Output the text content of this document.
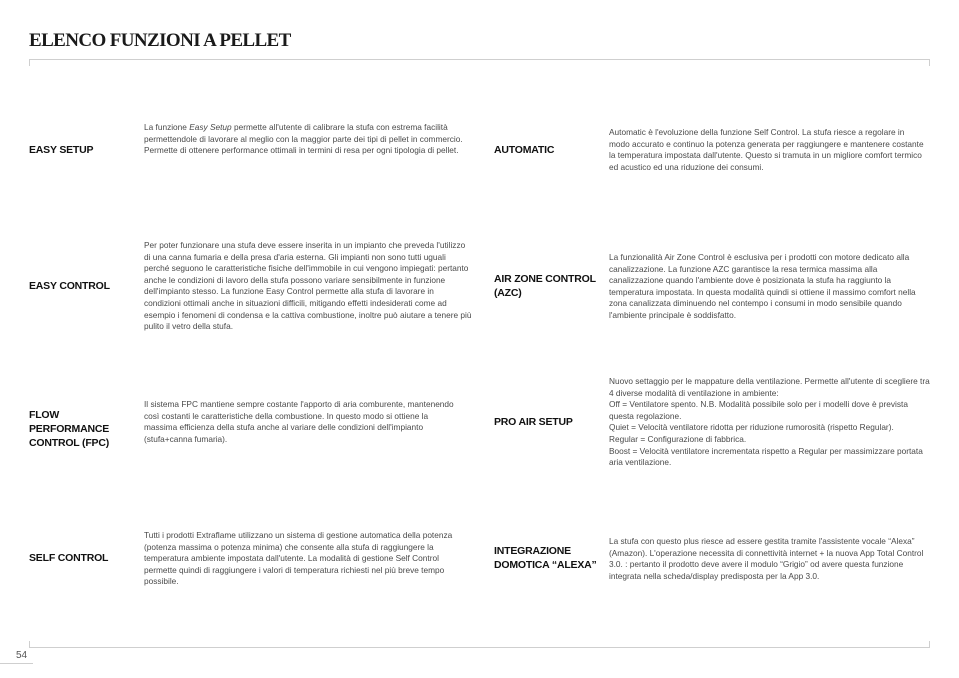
ELENCO FUNZIONI A PELLET
EASY SETUP

La funzione Easy Setup permette all'utente di calibrare la stufa con estrema facilità permettendole di lavorare al meglio con la maggior parte dei tipi di pellet in commercio.

Permette di ottenere performance ottimali in termini di resa per ogni tipologia di pellet.	AUTOMATIC

Automatic è l'evoluzione della funzione Self Control. La stufa riesce a regolare in modo accurato e continuo la potenza generata per raggiungere e mantenere costante la temperatura impostata dall'utente. Questo si tramuta in un migliore comfort termico ed acustico ed una riduzione dei consumi.

EASY CONTROL

Per poter funzionare una stufa deve essere inserita in un impianto che preveda l'utilizzo di una canna fumaria e della presa d'aria esterna. Gli impianti non sono tutti uguali perché seguono le caratteristiche fisiche dell'immobile in cui vengono impiegati: pertanto anche le condizioni di lavoro della stufa possono variare sensibilmente in funzione dell'impianto stesso. La funzione Easy Control permette alla stufa di lavorare in condizioni ottimali anche in situazioni difficili, mitigando effetti indesiderati come ad esempio i fenomeni di condensa e la cattiva combustione, inoltre può aiutare a tenere più pulito il vetro della stufa.

AIR ZONE CONTROL (AZC)

La funzionalità Air Zone Control è esclusiva per i prodotti con motore dedicato alla canalizzazione. La funzione AZC garantisce la resa termica massima alla canalizzazione quando l'ambiente dove è posizionata la stufa ha raggiunto la temperatura impostata. In questa modalità quindi si ottiene il massimo comfort nella zona canalizzata diminuendo nel contempo i consumi in modo sensibile quando l'ambiente principale è soddisfatto.

FLOW PERFORMANCE CONTROL (FPC)

Il sistema FPC mantiene sempre costante l'apporto di aria comburente, mantenendo così costanti le caratteristiche della combustione. In questo modo si ottiene la massima efficienza della stufa anche al variare delle condizioni dell'impianto (stufa+canna fumaria).

PRO AIR SETUP

Nuovo settaggio per le mappature della ventilazione. Permette all'utente di scegliere tra 4 diverse modalità di ventilazione in ambiente:

Off = Ventilatore spento. N.B. Modalità possibile solo per i modelli dove è prevista questa regolazione.

Quiet = Velocità ventilatore ridotta per riduzione rumorosità (rispetto Regular).

Regular = Configurazione di fabbrica.

Boost = Velocità ventilatore incrementata rispetto a Regular per massimizzare portata aria ventilazione.

SELF CONTROL

Tutti i prodotti Extraflame utilizzano un sistema di gestione automatica della potenza (potenza massima o potenza minima) che consente alla stufa di raggiungere la temperatura ambiente impostata dall'utente. La modalità di gestione Self Control permette quindi di raggiungere i valori di temperatura richiesti nel più breve tempo possibile.

INTEGRAZIONE DOMOTICA “ALEXA”

La stufa con questo plus riesce ad essere gestita tramite l'assistente vocale “Alexa” (Amazon). L'operazione necessita di connettività internet + la nuova App Total Control 3.0. : pertanto il prodotto deve avere il modulo “Grigio” od avere questa funzione integrata nella scheda/display predisposta per la App 3.0.

54
